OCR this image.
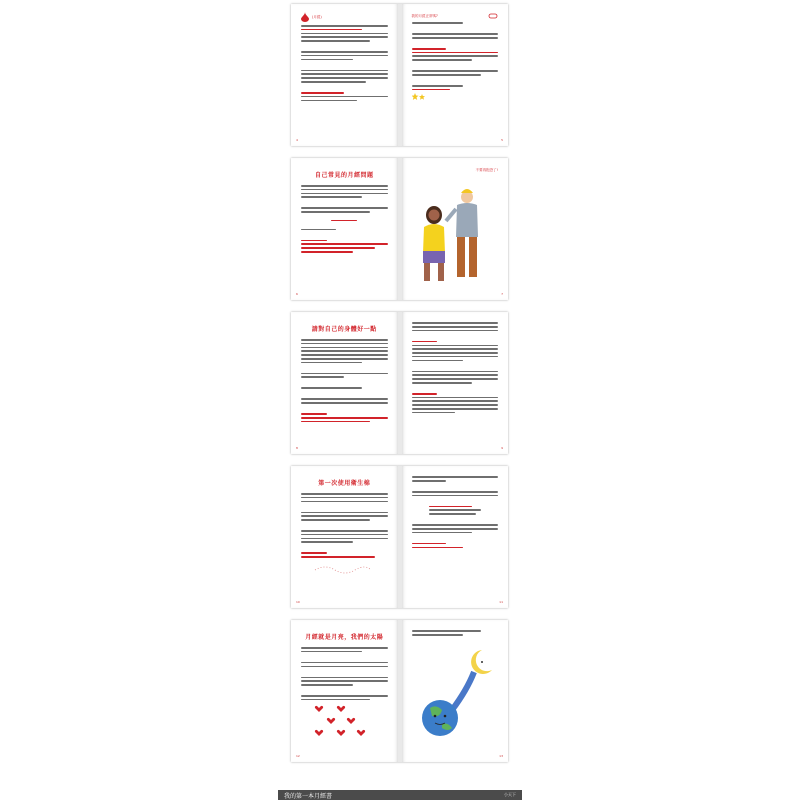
(月經)
4
我的月經正常嗎?
5
自己常見的月經問題
6
不要再抱怨了!
7
請對自己的身體好一點
8	9
第一次使用衛生棉
10	11
月經就是月亮，我們的太陽
12	13
我的第一本月經書	小天下
